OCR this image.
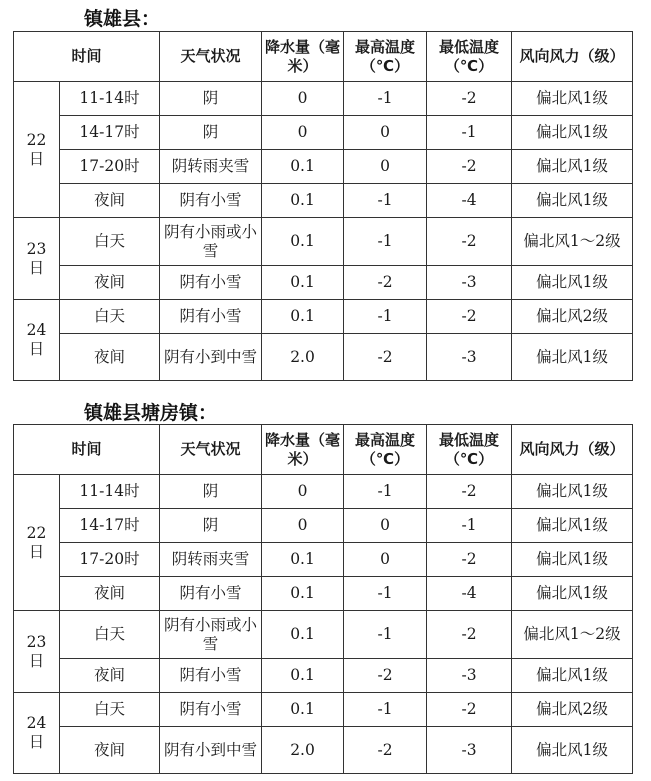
镇雄县：
时间		天气状况	降水量（毫米）	最高温度（℃）	最低温度（℃）	风向风力（级）

22
日	11-14时	阴	0	-1	-2	偏北风1级
	14-17时	阴	0	0	-1	偏北风1级
	17-20时	阴转雨夹雪	0.1	0	-2	偏北风1级
	夜间	阴有小雪	0.1	-1	-4	偏北风1级

23
日	白天	阴有小雨或小雪	0.1	-1	-2	偏北风1～2级
	夜间	阴有小雪	0.1	-2	-3	偏北风1级

24
日	白天	阴有小雪	0.1	-1	-2	偏北风2级
	夜间	阴有小到中雪	2.0	-2	-3	偏北风1级
镇雄县塘房镇：
时间		天气状况	降水量（毫米）	最高温度（℃）	最低温度（℃）	风向风力（级）

22
日	11-14时	阴	0	-1	-2	偏北风1级
	14-17时	阴	0	0	-1	偏北风1级
	17-20时	阴转雨夹雪	0.1	0	-2	偏北风1级
	夜间	阴有小雪	0.1	-1	-4	偏北风1级

23
日	白天	阴有小雨或小雪	0.1	-1	-2	偏北风1～2级
	夜间	阴有小雪	0.1	-2	-3	偏北风1级

24
日	白天	阴有小雪	0.1	-1	-2	偏北风2级
	夜间	阴有小到中雪	2.0	-2	-3	偏北风1级
